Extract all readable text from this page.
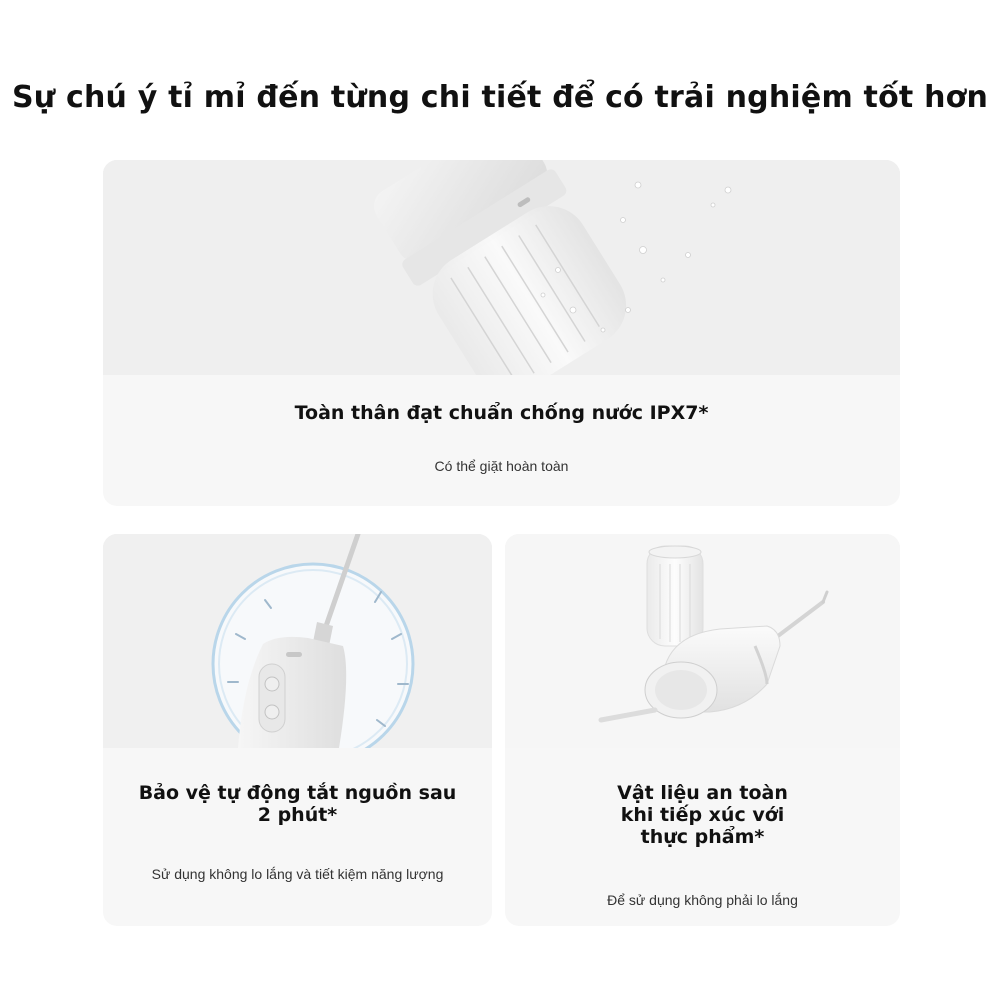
Sự chú ý tỉ mỉ đến từng chi tiết để có trải nghiệm tốt hơn
Toàn thân đạt chuẩn chống nước IPX7*
Có thể giặt hoàn toàn
Bảo vệ tự động tắt nguồn sau 2 phút*
Sử dụng không lo lắng và tiết kiệm năng lượng
Vật liệu an toàn khi tiếp xúc với thực phẩm*
Để sử dụng không phải lo lắng
